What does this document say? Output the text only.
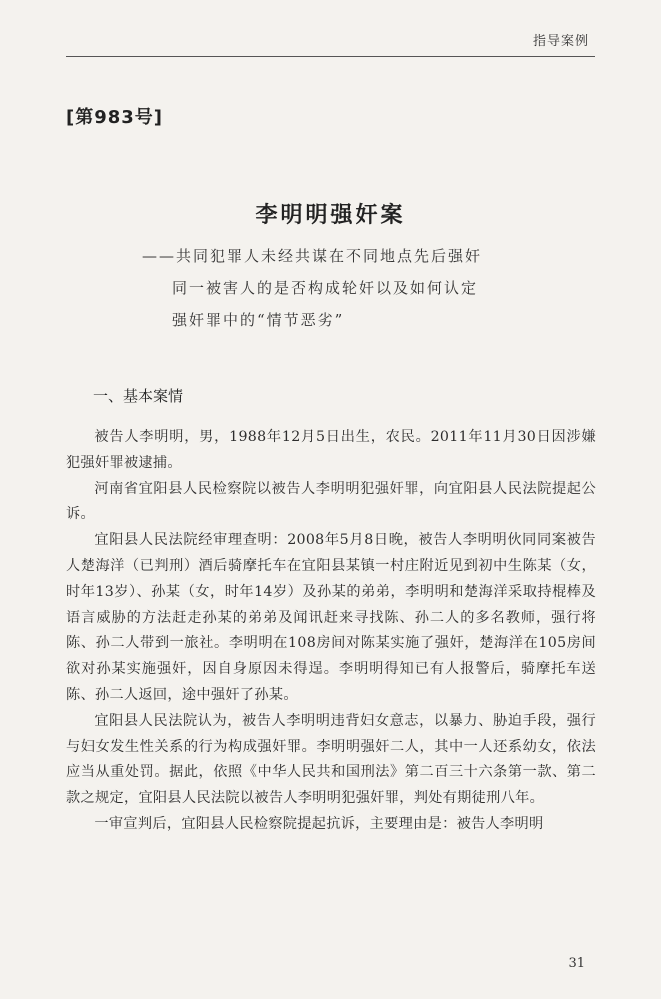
指导案例
[第983号]
李明明强奸案
——共同犯罪人未经共谋在不同地点先后强奸
同一被害人的是否构成轮奸以及如何认定
强奸罪中的“情节恶劣”
一、基本案情

被告人李明明，男，1988年12月5日出生，农民。2011年11月30日因涉嫌犯强奸罪被逮捕。

河南省宜阳县人民检察院以被告人李明明犯强奸罪，向宜阳县人民法院提起公诉。

宜阳县人民法院经审理查明：2008年5月8日晚，被告人李明明伙同同案被告人楚海洋（已判刑）酒后骑摩托车在宜阳县某镇一村庄附近见到初中生陈某（女，时年13岁）、孙某（女，时年14岁）及孙某的弟弟，李明明和楚海洋采取持棍棒及语言威胁的方法赶走孙某的弟弟及闻讯赶来寻找陈、孙二人的多名教师，强行将陈、孙二人带到一旅社。李明明在108房间对陈某实施了强奸，楚海洋在105房间欲对孙某实施强奸，因自身原因未得逞。李明明得知已有人报警后，骑摩托车送陈、孙二人返回，途中强奸了孙某。

宜阳县人民法院认为，被告人李明明违背妇女意志，以暴力、胁迫手段，强行与妇女发生性关系的行为构成强奸罪。李明明强奸二人，其中一人还系幼女，依法应当从重处罚。据此，依照《中华人民共和国刑法》第二百三十六条第一款、第二款之规定，宜阳县人民法院以被告人李明明犯强奸罪，判处有期徒刑八年。

一审宣判后，宜阳县人民检察院提起抗诉，主要理由是：被告人李明明

31
